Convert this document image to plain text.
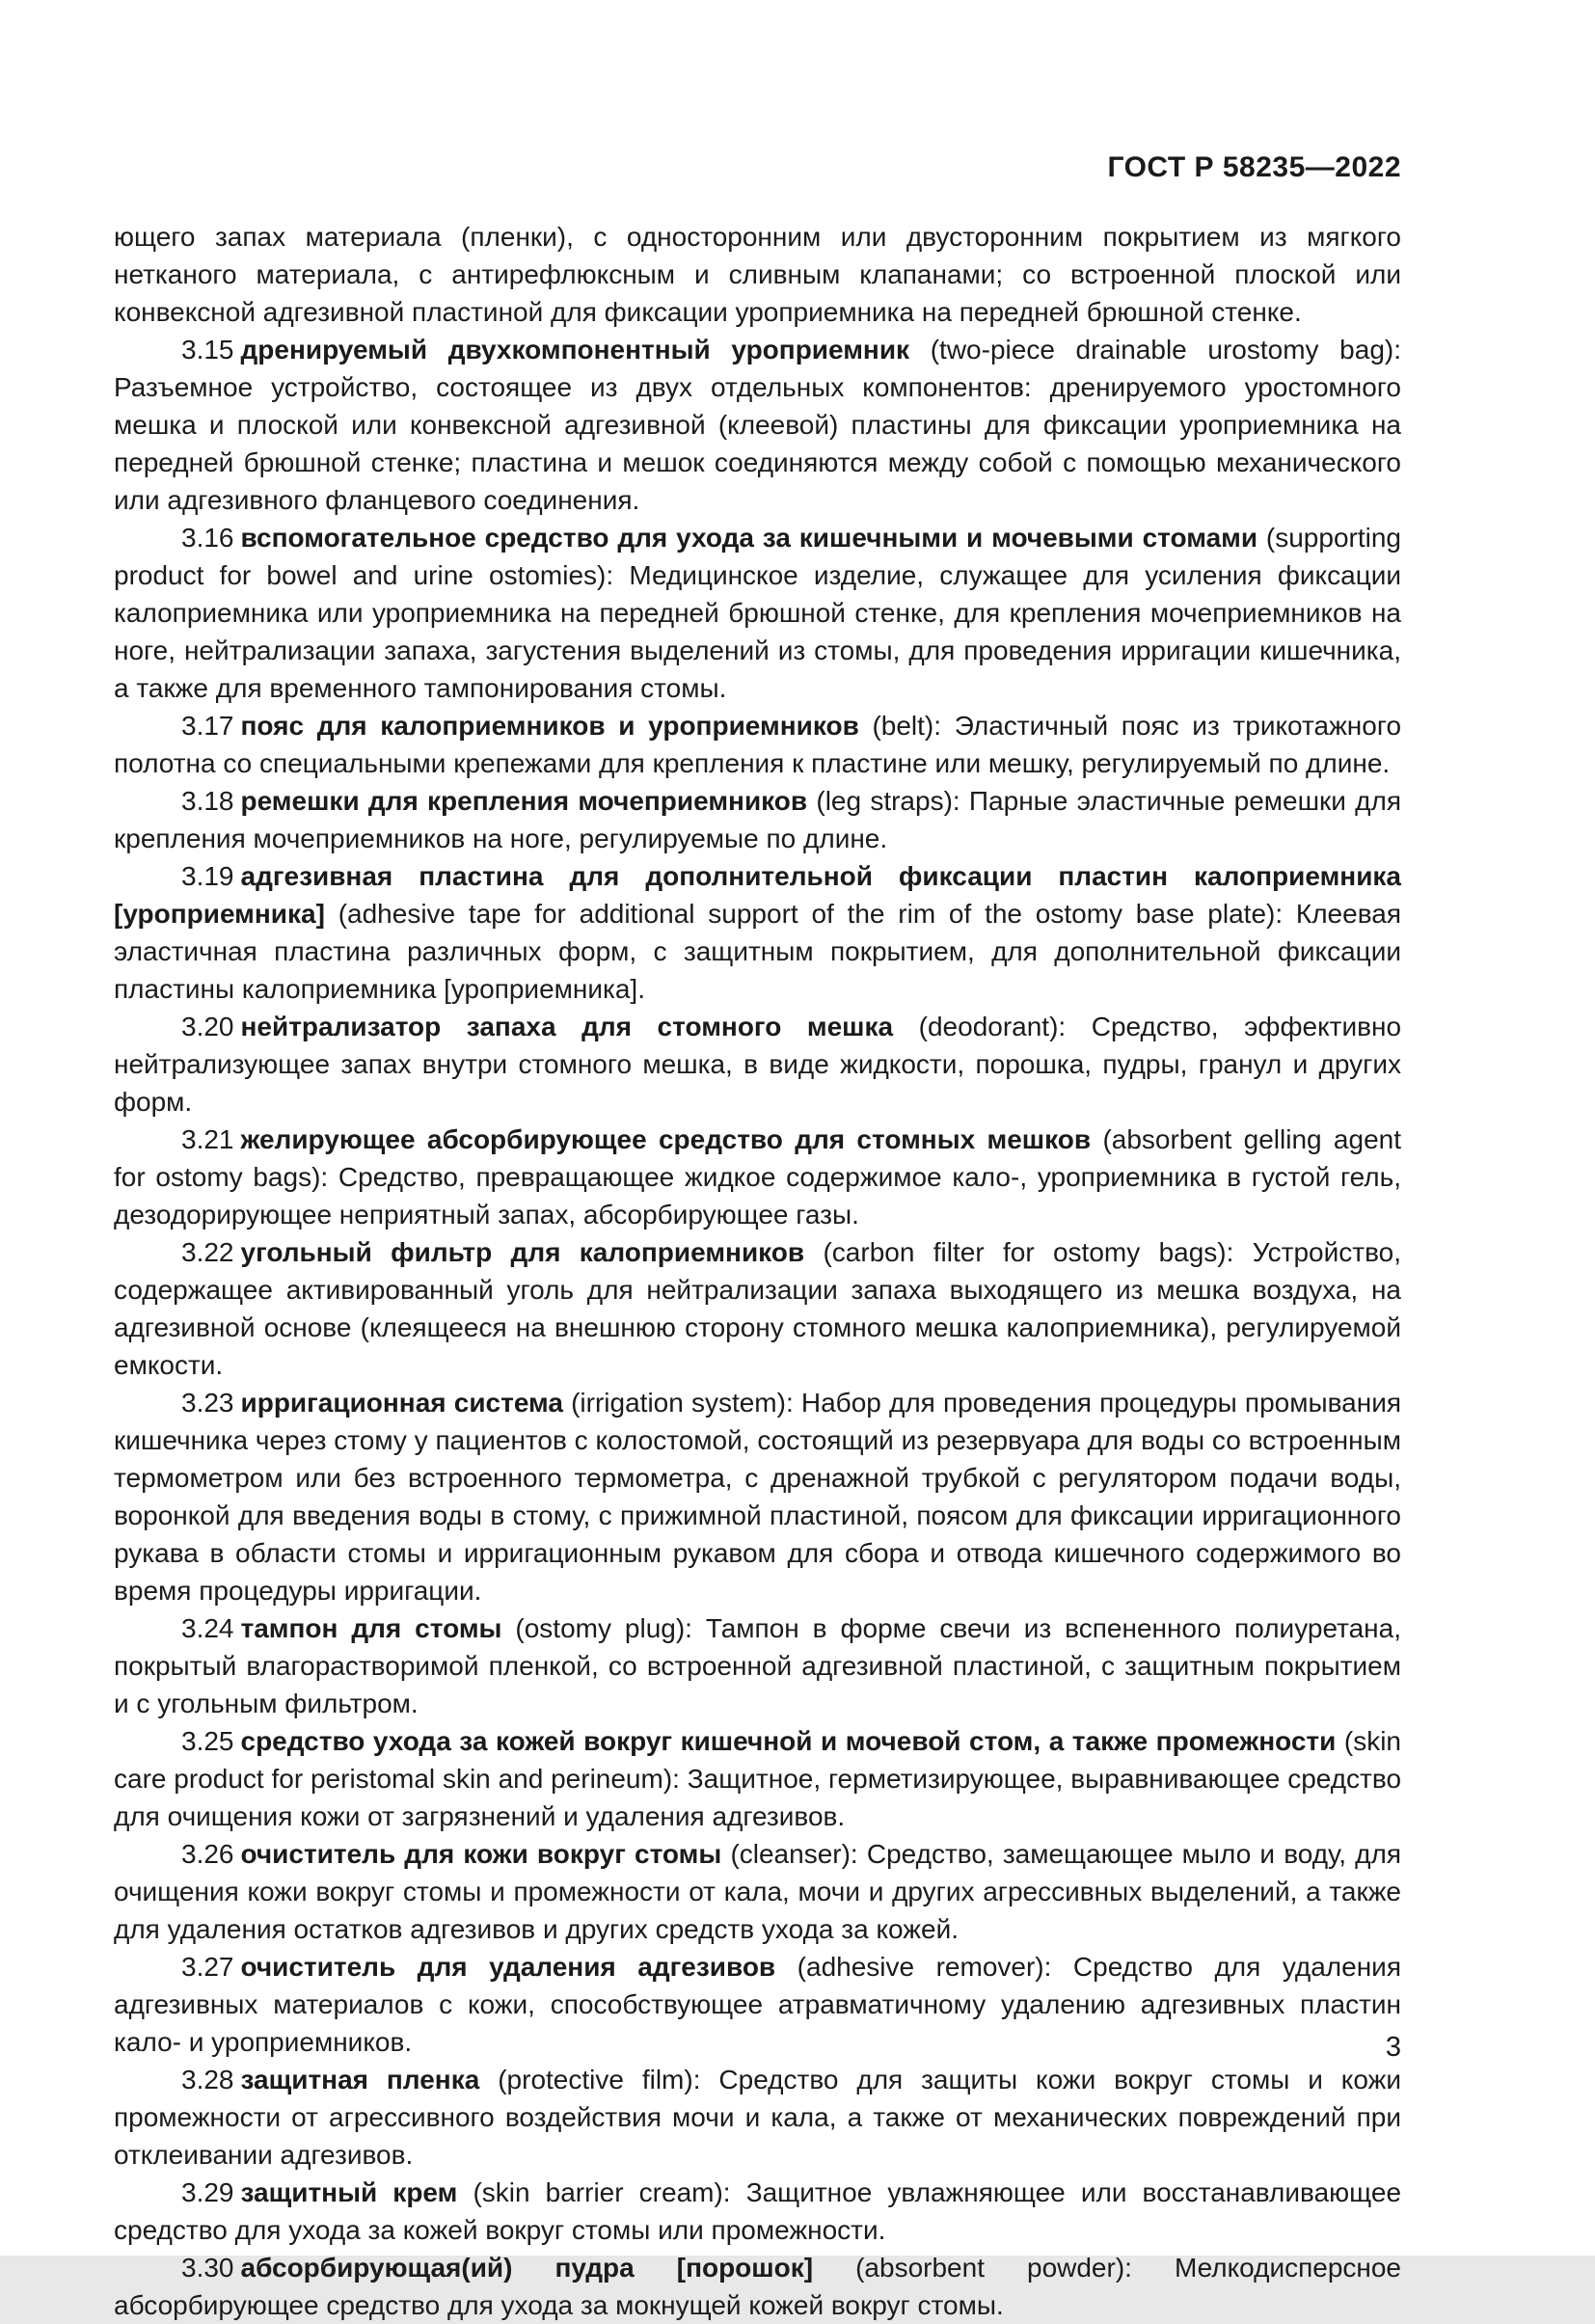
ГОСТ Р 58235—2022

ющего запах материала (пленки), с односторонним или двусторонним покрытием из мягкого нетканого материала, с антирефлюксным и сливным клапанами; со встроенной плоской или конвексной адгезивной пластиной для фиксации уроприемника на передней брюшной стенке.

3.15 дренируемый двухкомпонентный уроприемник (two-piece drainable urostomy bag): Разъемное устройство, состоящее из двух отдельных компонентов: дренируемого уростомного мешка и плоской или конвексной адгезивной (клеевой) пластины для фиксации уроприемника на передней брюшной стенке; пластина и мешок соединяются между собой с помощью механического или адгезивного фланцевого соединения.

3.16 вспомогательное средство для ухода за кишечными и мочевыми стомами (supporting product for bowel and urine ostomies): Медицинское изделие, служащее для усиления фиксации калоприемника или уроприемника на передней брюшной стенке, для крепления мочеприемников на ноге, нейтрализации запаха, загустения выделений из стомы, для проведения ирригации кишечника, а также для временного тампонирования стомы.

3.17 пояс для калоприемников и уроприемников (belt): Эластичный пояс из трикотажного полотна со специальными крепежами для крепления к пластине или мешку, регулируемый по длине.

3.18 ремешки для крепления мочеприемников (leg straps): Парные эластичные ремешки для крепления мочеприемников на ноге, регулируемые по длине.

3.19 адгезивная пластина для дополнительной фиксации пластин калоприемника [уроприемника] (adhesive tape for additional support of the rim of the ostomy base plate): Клеевая эластичная пластина различных форм, с защитным покрытием, для дополнительной фиксации пластины калоприемника [уроприемника].

3.20 нейтрализатор запаха для стомного мешка (deodorant): Средство, эффективно нейтрализующее запах внутри стомного мешка, в виде жидкости, порошка, пудры, гранул и других форм.

3.21 желирующее абсорбирующее средство для стомных мешков (absorbent gelling agent for ostomy bags): Средство, превращающее жидкое содержимое кало-, уроприемника в густой гель, дезодорирующее неприятный запах, абсорбирующее газы.

3.22 угольный фильтр для калоприемников (carbon filter for ostomy bags): Устройство, содержащее активированный уголь для нейтрализации запаха выходящего из мешка воздуха, на адгезивной основе (клеящееся на внешнюю сторону стомного мешка калоприемника), регулируемой емкости.

3.23 ирригационная система (irrigation system): Набор для проведения процедуры промывания кишечника через стому у пациентов с колостомой, состоящий из резервуара для воды со встроенным термометром или без встроенного термометра, с дренажной трубкой с регулятором подачи воды, воронкой для введения воды в стому, с прижимной пластиной, поясом для фиксации ирригационного рукава в области стомы и ирригационным рукавом для сбора и отвода кишечного содержимого во время процедуры ирригации.

3.24 тампон для стомы (ostomy plug): Тампон в форме свечи из вспененного полиуретана, покрытый влагорастворимой пленкой, со встроенной адгезивной пластиной, с защитным покрытием и с угольным фильтром.

3.25 средство ухода за кожей вокруг кишечной и мочевой стом, а также промежности (skin care product for peristomal skin and perineum): Защитное, герметизирующее, выравнивающее средство для очищения кожи от загрязнений и удаления адгезивов.

3.26 очиститель для кожи вокруг стомы (cleanser): Средство, замещающее мыло и воду, для очищения кожи вокруг стомы и промежности от кала, мочи и других агрессивных выделений, а также для удаления остатков адгезивов и других средств ухода за кожей.

3.27 очиститель для удаления адгезивов (adhesive remover): Средство для удаления адгезивных материалов с кожи, способствующее атравматичному удалению адгезивных пластин кало- и уроприемников.

3.28 защитная пленка (protective film): Средство для защиты кожи вокруг стомы и кожи промежности от агрессивного воздействия мочи и кала, а также от механических повреждений при отклеивании адгезивов.

3.29 защитный крем (skin barrier cream): Защитное увлажняющее или восстанавливающее средство для ухода за кожей вокруг стомы или промежности.

3.30 абсорбирующая(ий) пудра [порошок] (absorbent powder): Мелкодисперсное абсорбирующее средство для ухода за мокнущей кожей вокруг стомы.

3
